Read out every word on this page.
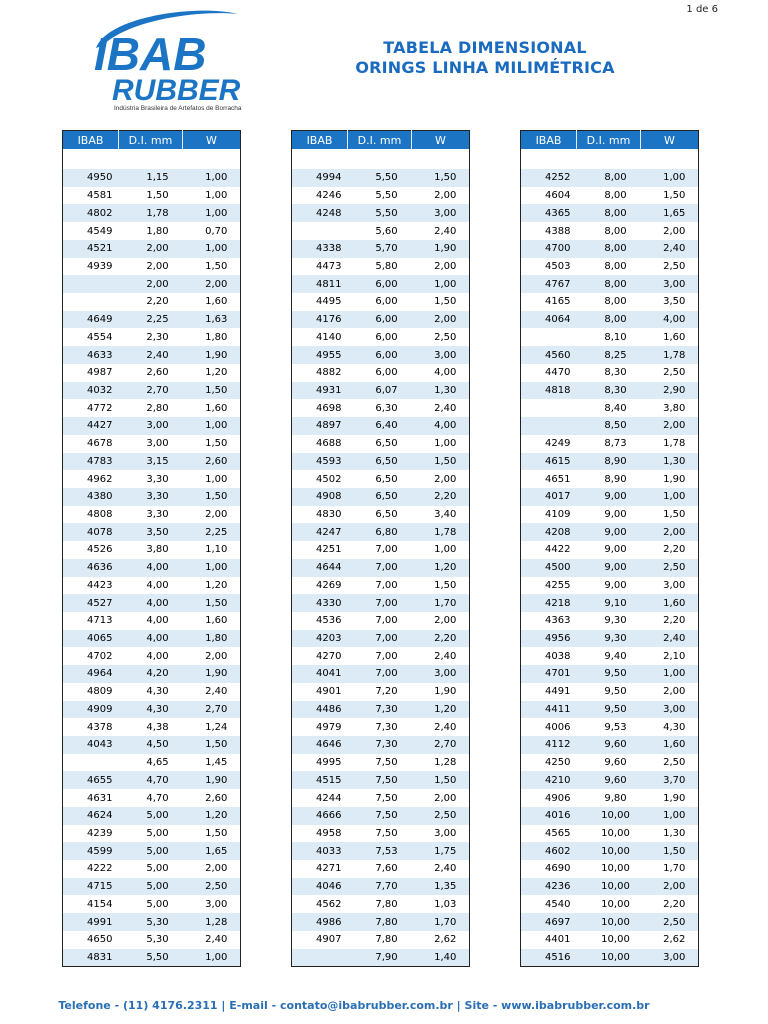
1 de 6
IBAB
RUBBER
Indústria Brasileira de Artefatos de Borracha
TABELA DIMENSIONAL
ORINGS LINHA MILIMÉTRICA
IBAB	D.I. mm	W

4950	1,15	1,00
4581	1,50	1,00
4802	1,78	1,00
4549	1,80	0,70
4521	2,00	1,00
4939	2,00	1,50
	2,00	2,00
	2,20	1,60
4649	2,25	1,63
4554	2,30	1,80
4633	2,40	1,90
4987	2,60	1,20
4032	2,70	1,50
4772	2,80	1,60
4427	3,00	1,00
4678	3,00	1,50
4783	3,15	2,60
4962	3,30	1,00
4380	3,30	1,50
4808	3,30	2,00
4078	3,50	2,25
4526	3,80	1,10
4636	4,00	1,00
4423	4,00	1,20
4527	4,00	1,50
4713	4,00	1,60
4065	4,00	1,80
4702	4,00	2,00
4964	4,20	1,90
4809	4,30	2,40
4909	4,30	2,70
4378	4,38	1,24
4043	4,50	1,50
	4,65	1,45
4655	4,70	1,90
4631	4,70	2,60
4624	5,00	1,20
4239	5,00	1,50
4599	5,00	1,65
4222	5,00	2,00
4715	5,00	2,50
4154	5,00	3,00
4991	5,30	1,28
4650	5,30	2,40
4831	5,50	1,00
IBAB	D.I. mm	W

4994	5,50	1,50
4246	5,50	2,00
4248	5,50	3,00
	5,60	2,40
4338	5,70	1,90
4473	5,80	2,00
4811	6,00	1,00
4495	6,00	1,50
4176	6,00	2,00
4140	6,00	2,50
4955	6,00	3,00
4882	6,00	4,00
4931	6,07	1,30
4698	6,30	2,40
4897	6,40	4,00
4688	6,50	1,00
4593	6,50	1,50
4502	6,50	2,00
4908	6,50	2,20
4830	6,50	3,40
4247	6,80	1,78
4251	7,00	1,00
4644	7,00	1,20
4269	7,00	1,50
4330	7,00	1,70
4536	7,00	2,00
4203	7,00	2,20
4270	7,00	2,40
4041	7,00	3,00
4901	7,20	1,90
4486	7,30	1,20
4979	7,30	2,40
4646	7,30	2,70
4995	7,50	1,28
4515	7,50	1,50
4244	7,50	2,00
4666	7,50	2,50
4958	7,50	3,00
4033	7,53	1,75
4271	7,60	2,40
4046	7,70	1,35
4562	7,80	1,03
4986	7,80	1,70
4907	7,80	2,62
	7,90	1,40
IBAB	D.I. mm	W

4252	8,00	1,00
4604	8,00	1,50
4365	8,00	1,65
4388	8,00	2,00
4700	8,00	2,40
4503	8,00	2,50
4767	8,00	3,00
4165	8,00	3,50
4064	8,00	4,00
	8,10	1,60
4560	8,25	1,78
4470	8,30	2,50
4818	8,30	2,90
	8,40	3,80
	8,50	2,00
4249	8,73	1,78
4615	8,90	1,30
4651	8,90	1,90
4017	9,00	1,00
4109	9,00	1,50
4208	9,00	2,00
4422	9,00	2,20
4500	9,00	2,50
4255	9,00	3,00
4218	9,10	1,60
4363	9,30	2,20
4956	9,30	2,40
4038	9,40	2,10
4701	9,50	1,00
4491	9,50	2,00
4411	9,50	3,00
4006	9,53	4,30
4112	9,60	1,60
4250	9,60	2,50
4210	9,60	3,70
4906	9,80	1,90
4016	10,00	1,00
4565	10,00	1,30
4602	10,00	1,50
4690	10,00	1,70
4236	10,00	2,00
4540	10,00	2,20
4697	10,00	2,50
4401	10,00	2,62
4516	10,00	3,00
Telefone - (11) 4176.2311 | E-mail - contato@ibabrubber.com.br | Site - www.ibabrubber.com.br
